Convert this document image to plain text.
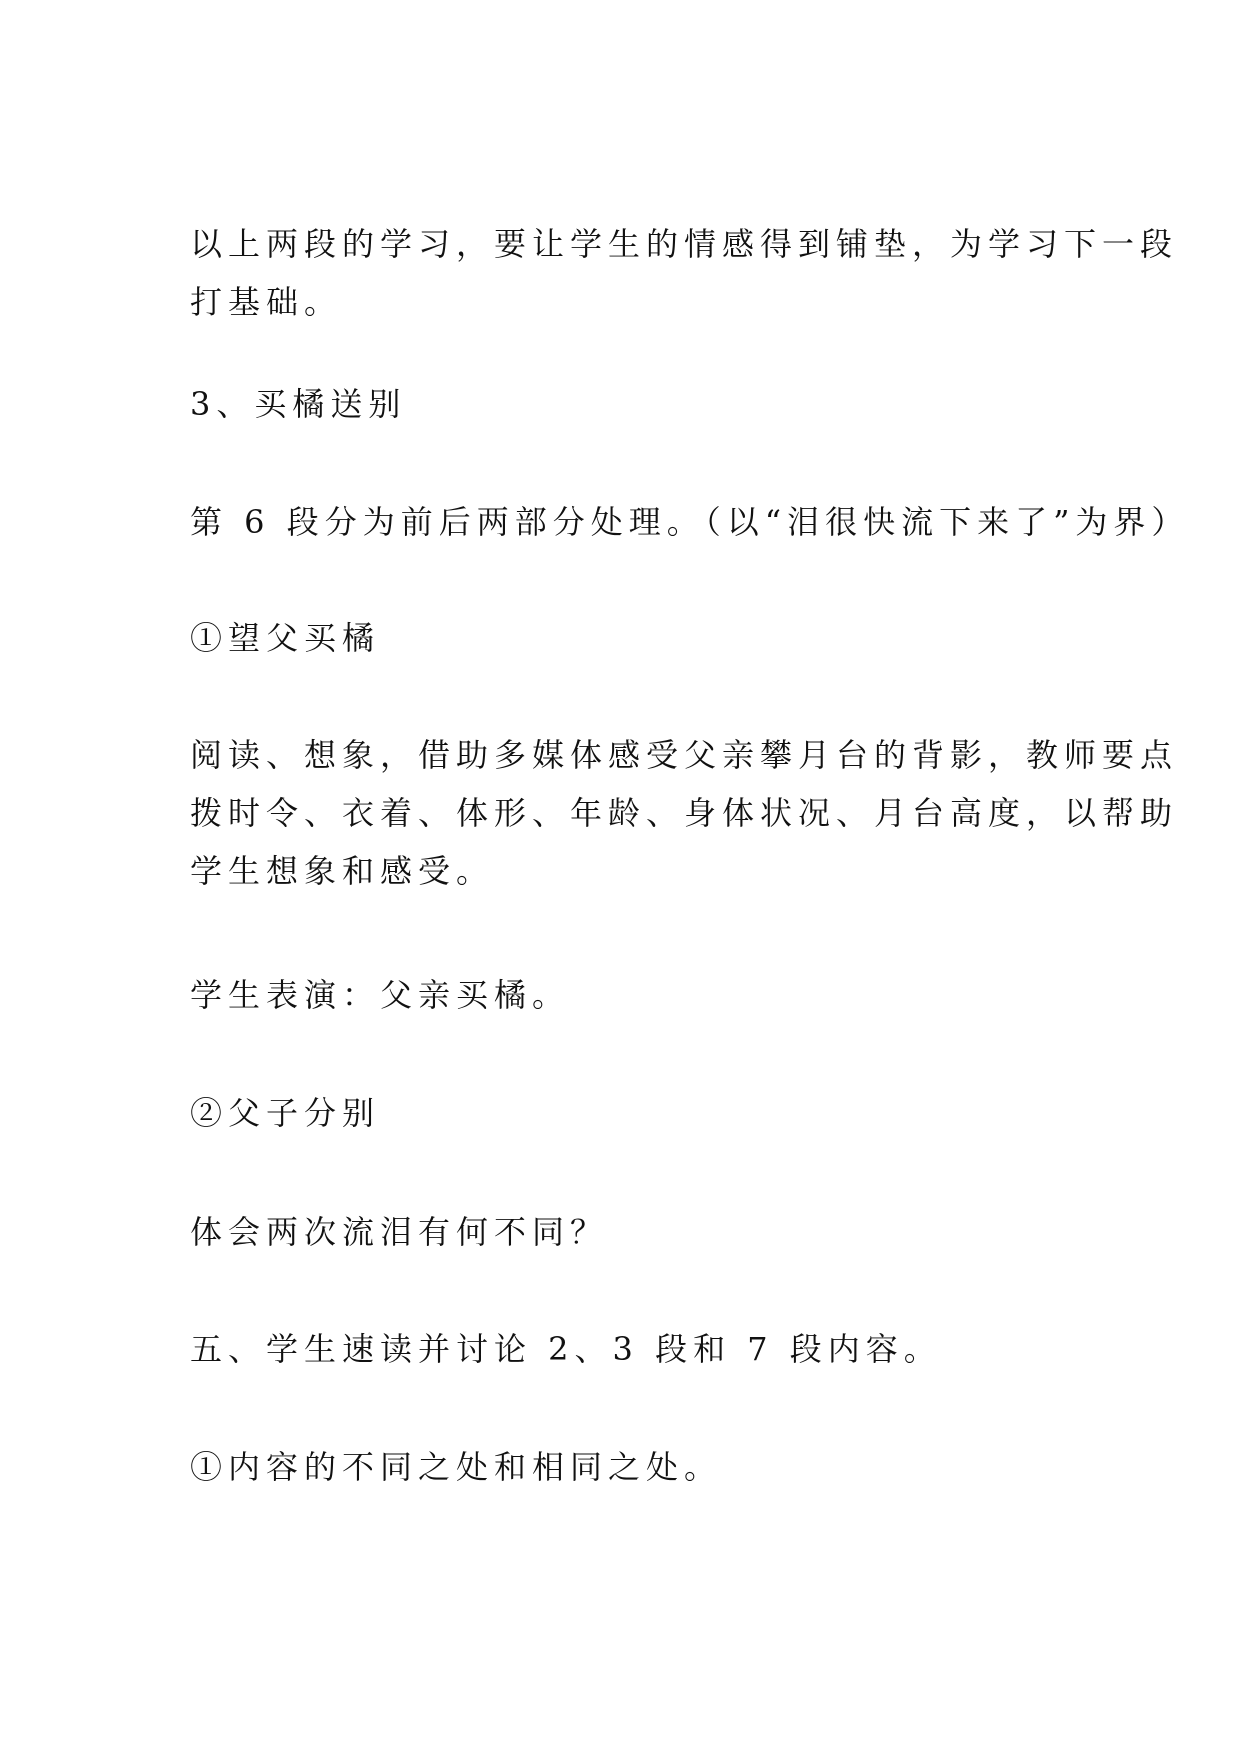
以上两段的学习，要让学生的情感得到铺垫，为学习下一段
打基础。

3、买橘送别

第 6 段分为前后两部分处理。（以“泪很快流下来了”为界）

①望父买橘

阅读、想象，借助多媒体感受父亲攀月台的背影，教师要点
拨时令、衣着、体形、年龄、身体状况、月台高度，以帮助
学生想象和感受。

学生表演：父亲买橘。

②父子分别

体会两次流泪有何不同？

五、学生速读并讨论 2、3 段和 7 段内容。

①内容的不同之处和相同之处。
